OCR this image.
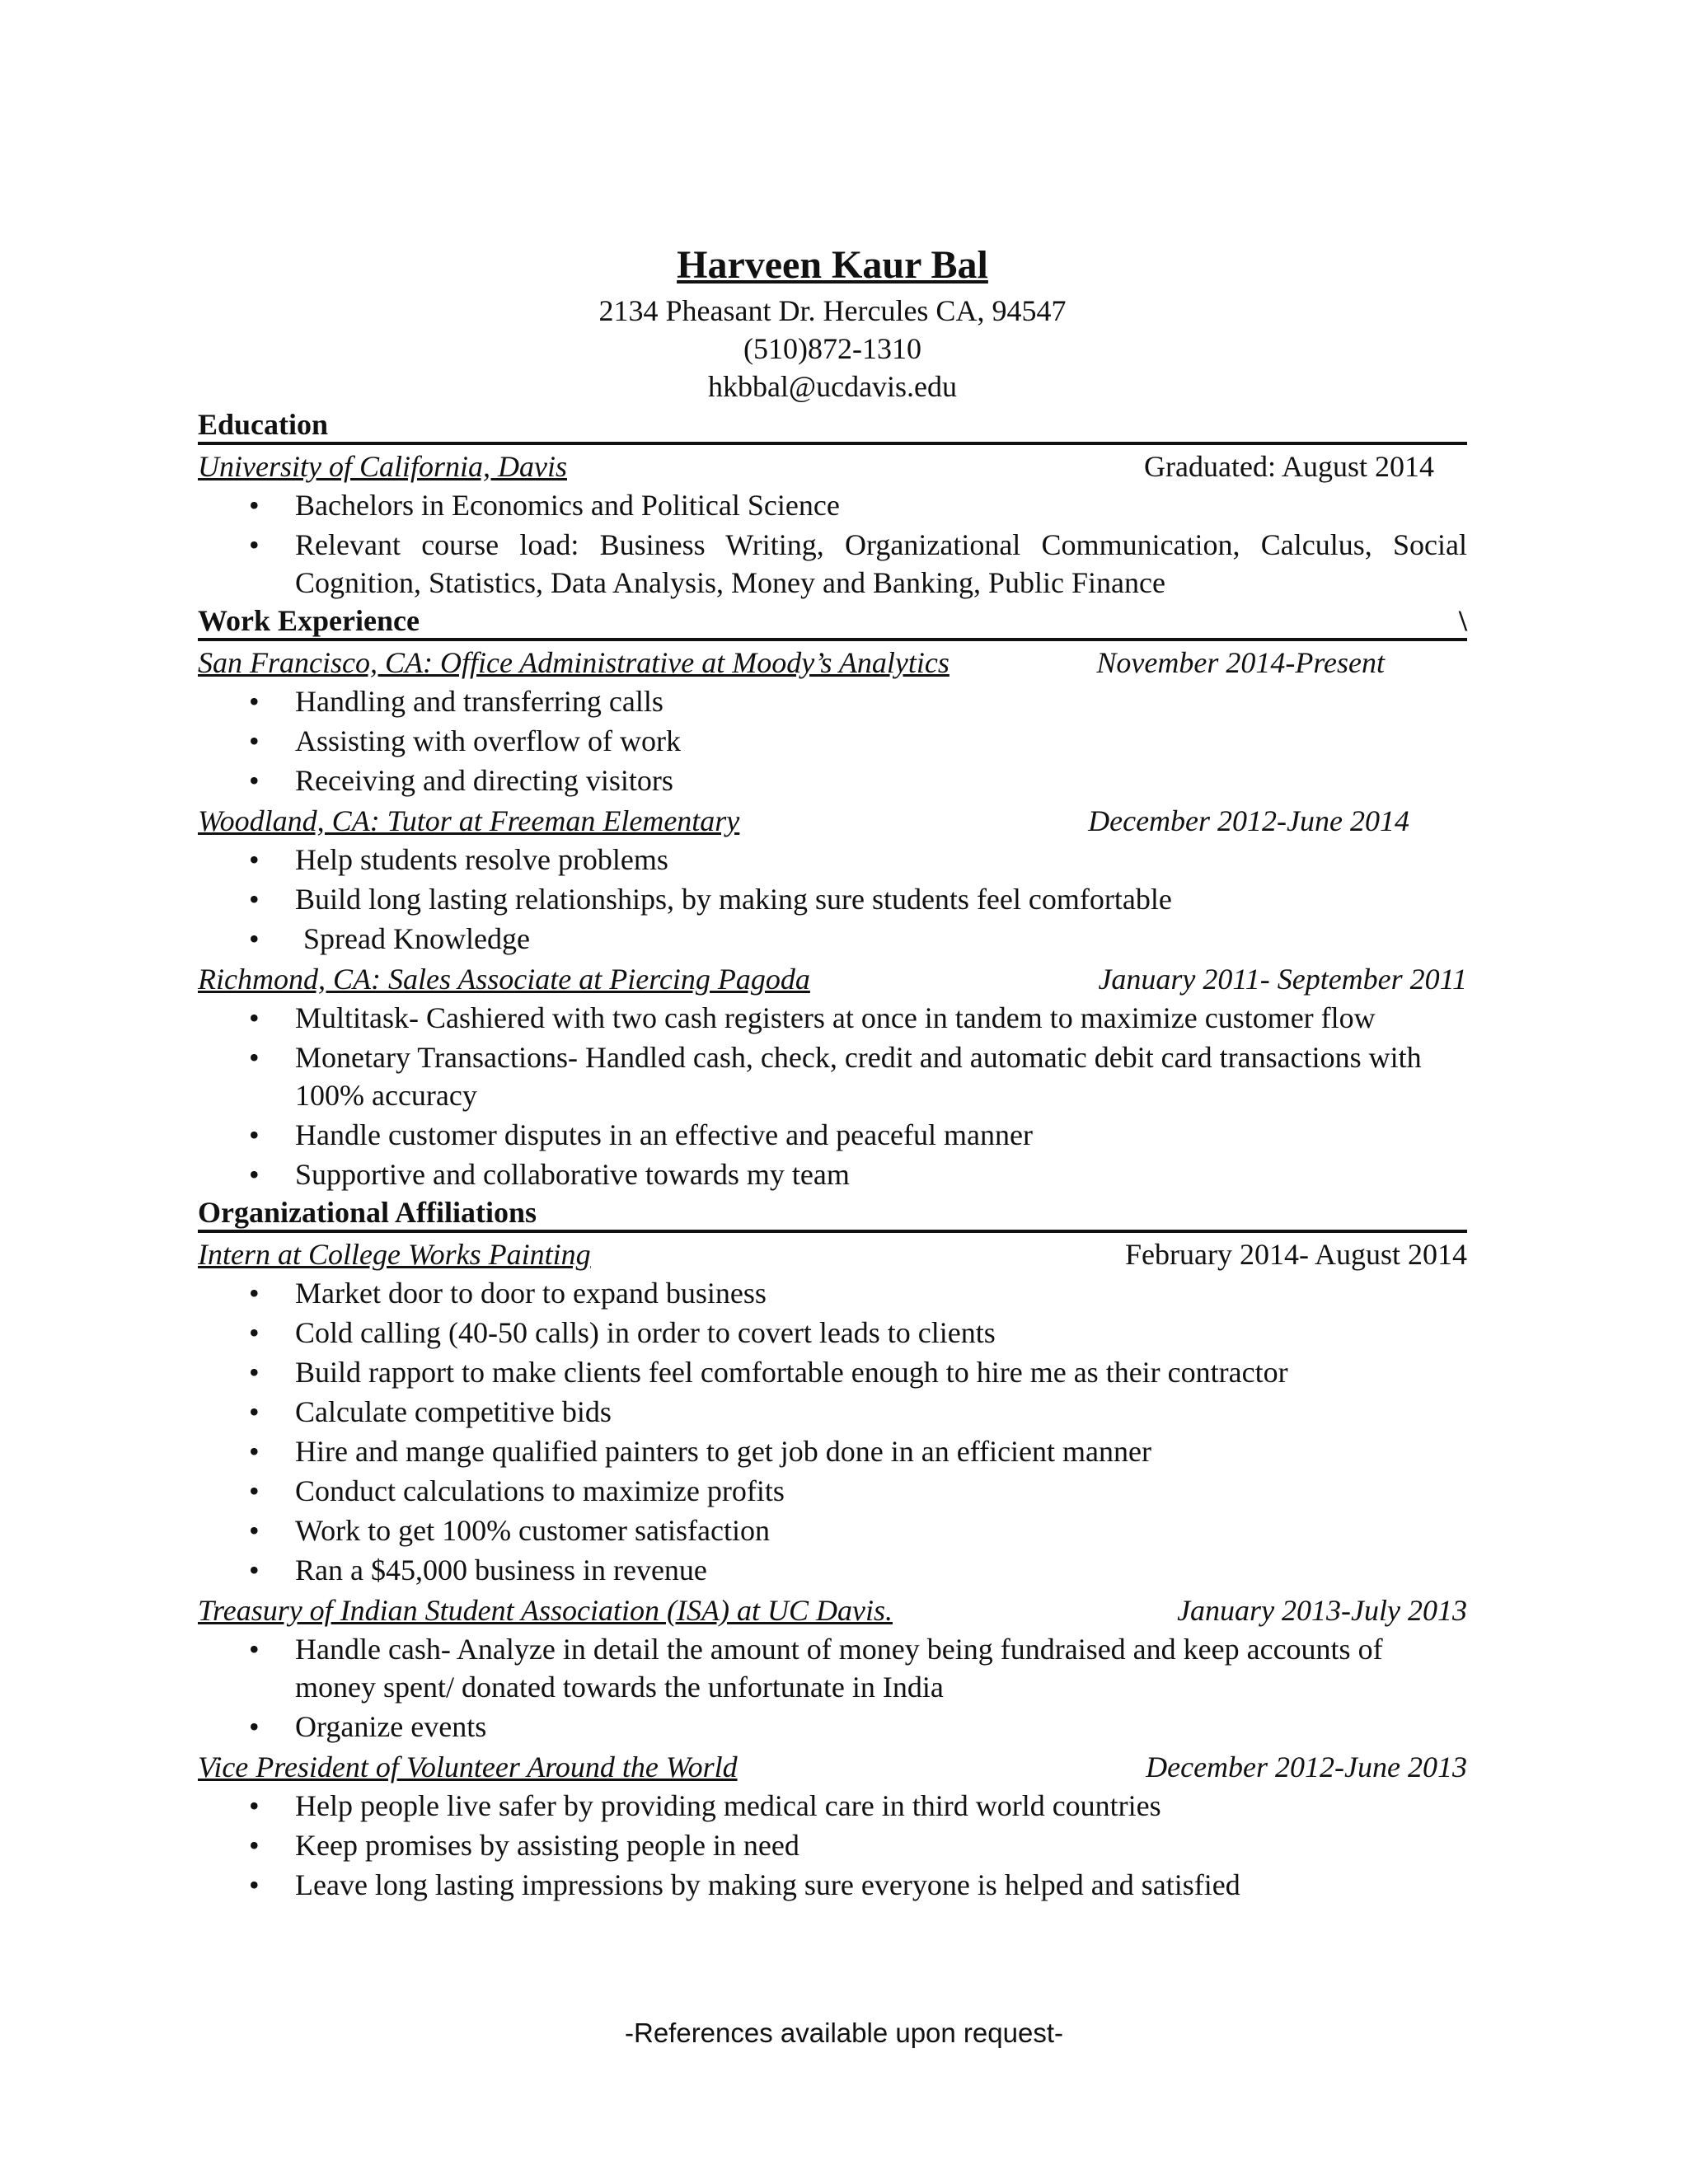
Harveen Kaur Bal
2134 Pheasant Dr. Hercules CA, 94547
(510)872-1310
hkbbal@ucdavis.edu
Education
University of California, Davis	Graduated: August 2014
• Bachelors in Economics and Political Science
• Relevant course load: Business Writing, Organizational Communication, Calculus, Social Cognition, Statistics, Data Analysis, Money and Banking, Public Finance
Work Experience	\
San Francisco, CA: Office Administrative at Moody’s Analytics	November 2014-Present
• Handling and transferring calls
• Assisting with overflow of work
• Receiving and directing visitors
Woodland, CA: Tutor at Freeman Elementary	December 2012-June 2014
• Help students resolve problems
• Build long lasting relationships, by making sure students feel comfortable
• Spread Knowledge
Richmond, CA: Sales Associate at Piercing Pagoda	January 2011- September 2011
• Multitask- Cashiered with two cash registers at once in tandem to maximize customer flow
• Monetary Transactions- Handled cash, check, credit and automatic debit card transactions with 100% accuracy
• Handle customer disputes in an effective and peaceful manner
• Supportive and collaborative towards my team
Organizational Affiliations
Intern at College Works Painting	February 2014- August 2014
• Market door to door to expand business
• Cold calling (40-50 calls) in order to covert leads to clients
• Build rapport to make clients feel comfortable enough to hire me as their contractor
• Calculate competitive bids
• Hire and mange qualified painters to get job done in an efficient manner
• Conduct calculations to maximize profits
• Work to get 100% customer satisfaction
• Ran a $45,000 business in revenue
Treasury of Indian Student Association (ISA) at UC Davis.	January 2013-July 2013
• Handle cash- Analyze in detail the amount of money being fundraised and keep accounts of money spent/ donated towards the unfortunate in India
• Organize events
Vice President of Volunteer Around the World	December 2012-June 2013
• Help people live safer by providing medical care in third world countries
• Keep promises by assisting people in need
• Leave long lasting impressions by making sure everyone is helped and satisfied
-References available upon request-
